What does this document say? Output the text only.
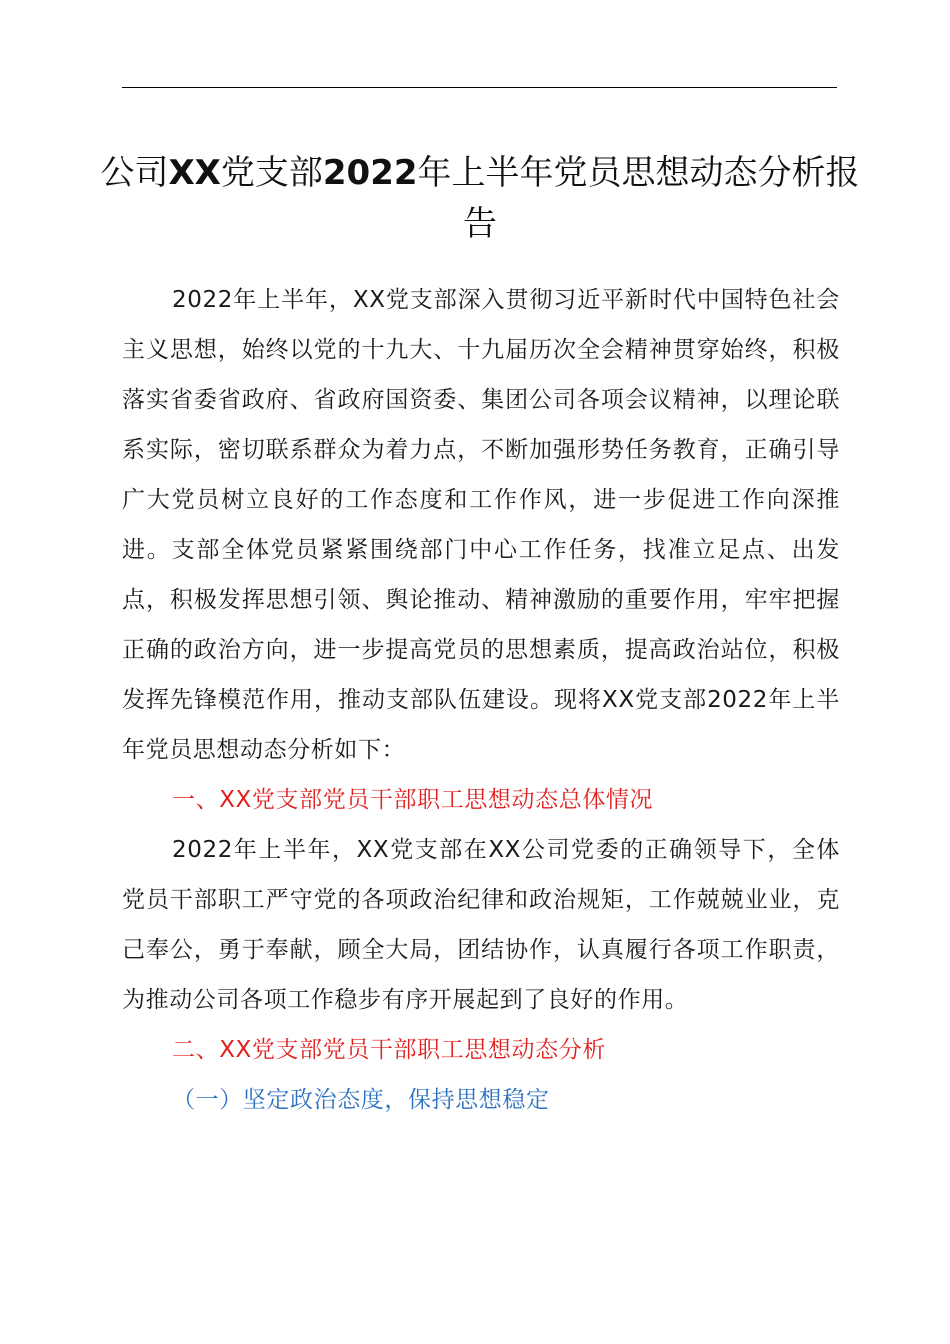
公司XX党支部2022年上半年党员思想动态分析报告

2022年上半年，XX党支部深入贯彻习近平新时代中国特色社会主义思想，始终以党的十九大、十九届历次全会精神贯穿始终，积极落实省委省政府、省政府国资委、集团公司各项会议精神，以理论联系实际，密切联系群众为着力点，不断加强形势任务教育，正确引导广大党员树立良好的工作态度和工作作风，进一步促进工作向深推进。支部全体党员紧紧围绕部门中心工作任务，找准立足点、出发点，积极发挥思想引领、舆论推动、精神激励的重要作用，牢牢把握正确的政治方向，进一步提高党员的思想素质，提高政治站位，积极发挥先锋模范作用，推动支部队伍建设。现将XX党支部2022年上半年党员思想动态分析如下：

一、XX党支部党员干部职工思想动态总体情况

2022年上半年，XX党支部在XX公司党委的正确领导下，全体党员干部职工严守党的各项政治纪律和政治规矩，工作兢兢业业，克己奉公，勇于奉献，顾全大局，团结协作，认真履行各项工作职责，为推动公司各项工作稳步有序开展起到了良好的作用。

二、XX党支部党员干部职工思想动态分析

（一）坚定政治态度，保持思想稳定
